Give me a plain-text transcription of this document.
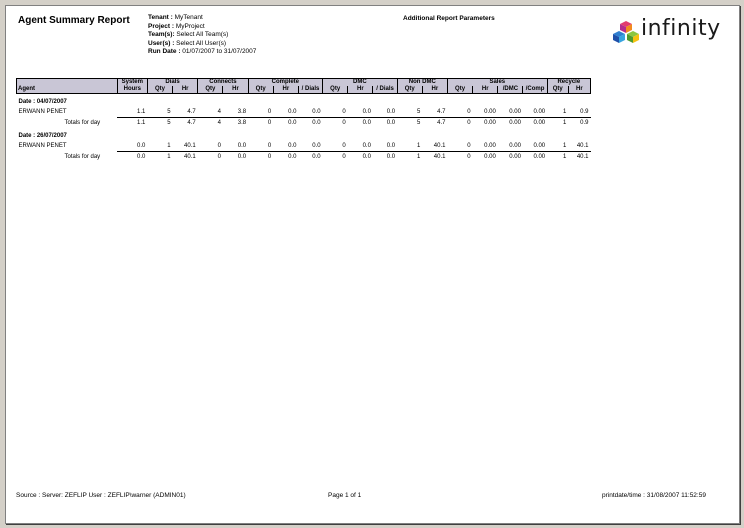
Agent Summary Report	Tenant : MyTenant
Project : MyProject
Team(s): Select All Team(s)
User(s) : Select All User(s)
Run Date : 01/07/2007 to 31/07/2007
Additional Report Parameters	infinity
	System	Dials		Connects		Complete			DMC			Non DMC		Sales				Recycle	
Agent	Hours	Qty	Hr	Qty	Hr	Qty	Hr	/ Dials	Qty	Hr	/ Dials	Qty	Hr	Qty	Hr	/DMC	/Comp	Qty	Hr
Date : 04/07/2007																			
ERWANN PENET	1.1	5	4.7	4	3.8	0	0.0	0.0	0	0.0	0.0	5	4.7	0	0.00	0.00	0.00	1	0.9
Totals for day	1.1	5	4.7	4	3.8	0	0.0	0.0	0	0.0	0.0	5	4.7	0	0.00	0.00	0.00	1	0.9
Date : 26/07/2007																			
ERWANN PENET	0.0	1	40.1	0	0.0	0	0.0	0.0	0	0.0	0.0	1	40.1	0	0.00	0.00	0.00	1	40.1
Totals for day	0.0	1	40.1	0	0.0	0	0.0	0.0	0	0.0	0.0	1	40.1	0	0.00	0.00	0.00	1	40.1
Source : Server: ZEFLIP User : ZEFLIP\warner (ADMIN01)	Page 1 of 1	printdate/time : 31/08/2007 11:52:59
